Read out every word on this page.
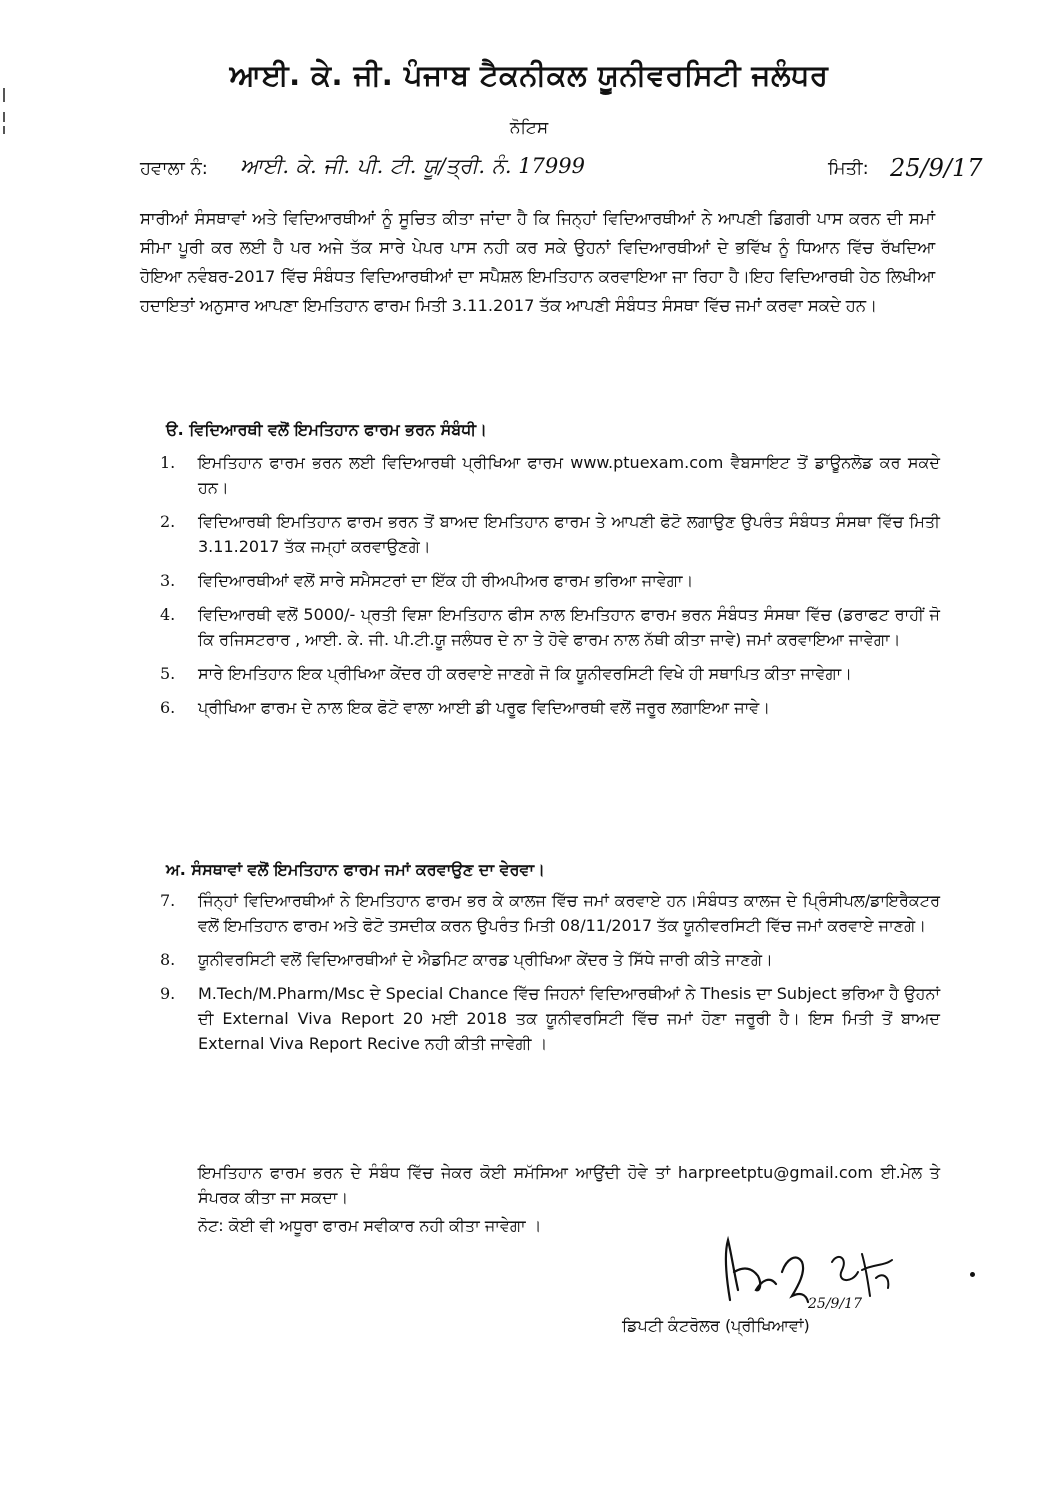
ਆਈ. ਕੇ. ਜੀ. ਪੰਜਾਬ ਟੈਕਨੀਕਲ ਯੂਨੀਵਰਸਿਟੀ ਜਲੰਧਰ
ਨੋਟਿਸ
ਹਵਾਲਾ ਨੰ: ਆਈ. ਕੇ. ਜੀ. ਪੀ. ਟੀ. ਯੂ/ਤ੍ਰੀ. ਨੰ. 17999	ਮਿਤੀ: 25/9/17
ਸਾਰੀਆਂ ਸੰਸਥਾਵਾਂ ਅਤੇ ਵਿਦਿਆਰਥੀਆਂ ਨੂੰ ਸੂਚਿਤ ਕੀਤਾ ਜਾਂਦਾ ਹੈ ਕਿ ਜਿਨ੍ਹਾਂ ਵਿਦਿਆਰਥੀਆਂ ਨੇ ਆਪਣੀ ਡਿਗਰੀ ਪਾਸ ਕਰਨ ਦੀ ਸਮਾਂ ਸੀਮਾ ਪੂਰੀ ਕਰ ਲਈ ਹੈ ਪਰ ਅਜੇ ਤੱਕ ਸਾਰੇ ਪੇਪਰ ਪਾਸ ਨਹੀ ਕਰ ਸਕੇ ਉਹਨਾਂ ਵਿਦਿਆਰਥੀਆਂ ਦੇ ਭਵਿੱਖ ਨੂੰ ਧਿਆਨ ਵਿੱਚ ਰੱਖਦਿਆ ਹੋਇਆ ਨਵੰਬਰ-2017 ਵਿੱਚ ਸੰਬੰਧਤ ਵਿਦਿਆਰਥੀਆਂ ਦਾ ਸਪੈਸ਼ਲ ਇਮਤਿਹਾਨ ਕਰਵਾਇਆ ਜਾ ਰਿਹਾ ਹੈ।ਇਹ ਵਿਦਿਆਰਥੀ ਹੇਠ ਲਿਖੀਆ ਹਦਾਇਤਾਂ ਅਨੁਸਾਰ ਆਪਣਾ ਇਮਤਿਹਾਨ ਫਾਰਮ ਮਿਤੀ 3.11.2017 ਤੱਕ ਆਪਣੀ ਸੰਬੰਧਤ ਸੰਸਥਾ ਵਿੱਚ ਜਮਾਂ ਕਰਵਾ ਸਕਦੇ ਹਨ।
ੳ. ਵਿਦਿਆਰਥੀ ਵਲੋਂ ਇਮਤਿਹਾਨ ਫਾਰਮ ਭਰਨ ਸੰਬੰਧੀ।
1. ਇਮਤਿਹਾਨ ਫਾਰਮ ਭਰਨ ਲਈ ਵਿਦਿਆਰਥੀ ਪ੍ਰੀਖਿਆ ਫਾਰਮ www.ptuexam.com ਵੈਬਸਾਇਟ ਤੋਂ ਡਾਊਨਲੋਡ ਕਰ ਸਕਦੇ ਹਨ।
2. ਵਿਦਿਆਰਥੀ ਇਮਤਿਹਾਨ ਫਾਰਮ ਭਰਨ ਤੋਂ ਬਾਅਦ ਇਮਤਿਹਾਨ ਫਾਰਮ ਤੇ ਆਪਣੀ ਫੋਟੋ ਲਗਾਉਣ ਉਪਰੰਤ ਸੰਬੰਧਤ ਸੰਸਥਾ ਵਿੱਚ ਮਿਤੀ 3.11.2017 ਤੱਕ ਜਮ੍ਹਾਂ ਕਰਵਾਉਣਗੇ।
3. ਵਿਦਿਆਰਥੀਆਂ ਵਲੋਂ ਸਾਰੇ ਸਮੈਸਟਰਾਂ ਦਾ ਇੱਕ ਹੀ ਰੀਅਪੀਅਰ ਫਾਰਮ ਭਰਿਆ ਜਾਵੇਗਾ।
4. ਵਿਦਿਆਰਥੀ ਵਲੋਂ 5000/- ਪ੍ਰਤੀ ਵਿਸ਼ਾ ਇਮਤਿਹਾਨ ਫੀਸ ਨਾਲ ਇਮਤਿਹਾਨ ਫਾਰਮ ਭਰਨ ਸੰਬੰਧਤ ਸੰਸਥਾ ਵਿੱਚ (ਡਰਾਫਟ ਰਾਹੀਂ ਜੋ ਕਿ ਰਜਿਸਟਰਾਰ , ਆਈ. ਕੇ. ਜੀ. ਪੀ.ਟੀ.ਯੂ ਜਲੰਧਰ ਦੇ ਨਾ ਤੇ ਹੋਵੇ ਫਾਰਮ ਨਾਲ ਨੱਥੀ ਕੀਤਾ ਜਾਵੇ) ਜਮਾਂ ਕਰਵਾਇਆ ਜਾਵੇਗਾ।
5. ਸਾਰੇ ਇਮਤਿਹਾਨ ਇਕ ਪ੍ਰੀਖਿਆ ਕੇਂਦਰ ਹੀ ਕਰਵਾਏ ਜਾਣਗੇ ਜੋ ਕਿ ਯੂਨੀਵਰਸਿਟੀ ਵਿਖੇ ਹੀ ਸਥਾਪਿਤ ਕੀਤਾ ਜਾਵੇਗਾ।
6. ਪ੍ਰੀਖਿਆ ਫਾਰਮ ਦੇ ਨਾਲ ਇਕ ਫੋਟੋ ਵਾਲਾ ਆਈ ਡੀ ਪਰੂਫ ਵਿਦਿਆਰਥੀ ਵਲੋਂ ਜਰੂਰ ਲਗਾਇਆ ਜਾਵੇ।
ਅ. ਸੰਸਥਾਵਾਂ ਵਲੋਂ ਇਮਤਿਹਾਨ ਫਾਰਮ ਜਮਾਂ ਕਰਵਾਉਣ ਦਾ ਵੇਰਵਾ।
7. ਜਿੰਨ੍ਹਾਂ ਵਿਦਿਆਰਥੀਆਂ ਨੇ ਇਮਤਿਹਾਨ ਫਾਰਮ ਭਰ ਕੇ ਕਾਲਜ ਵਿੱਚ ਜਮਾਂ ਕਰਵਾਏ ਹਨ।ਸੰਬੰਧਤ ਕਾਲਜ ਦੇ ਪ੍ਰਿੰਸੀਪਲ/ਡਾਇਰੈਕਟਰ ਵਲੋਂ ਇਮਤਿਹਾਨ ਫਾਰਮ ਅਤੇ ਫੋਟੋ ਤਸਦੀਕ ਕਰਨ ਉਪਰੰਤ ਮਿਤੀ 08/11/2017 ਤੱਕ ਯੂਨੀਵਰਸਿਟੀ ਵਿੱਚ ਜਮਾਂ ਕਰਵਾਏ ਜਾਣਗੇ।
8. ਯੂਨੀਵਰਸਿਟੀ ਵਲੋਂ ਵਿਦਿਆਰਥੀਆਂ ਦੇ ਐਡਮਿਟ ਕਾਰਡ ਪ੍ਰੀਖਿਆ ਕੇਂਦਰ ਤੇ ਸਿੱਧੇ ਜਾਰੀ ਕੀਤੇ ਜਾਣਗੇ।
9. M.Tech/M.Pharm/Msc ਦੇ Special Chance ਵਿੱਚ ਜਿਹਨਾਂ ਵਿਦਿਆਰਥੀਆਂ ਨੇ Thesis ਦਾ Subject ਭਰਿਆ ਹੈ ਉਹਨਾਂ ਦੀ External Viva Report 20 ਮਈ 2018 ਤਕ ਯੂਨੀਵਰਸਿਟੀ ਵਿੱਚ ਜਮਾਂ ਹੋਣਾ ਜਰੂਰੀ ਹੈ। ਇਸ ਮਿਤੀ ਤੋਂ ਬਾਅਦ External Viva Report Recive ਨਹੀ ਕੀਤੀ ਜਾਵੇਗੀ ।
ਇਮਤਿਹਾਨ ਫਾਰਮ ਭਰਨ ਦੇ ਸੰਬੰਧ ਵਿੱਚ ਜੇਕਰ ਕੋਈ ਸਮੱਸਿਆ ਆਉਂਦੀ ਹੋਵੇ ਤਾਂ harpreetptu@gmail.com ਈ.ਮੇਲ ਤੇ ਸੰਪਰਕ ਕੀਤਾ ਜਾ ਸਕਦਾ।
ਨੋਟ: ਕੋਈ ਵੀ ਅਧੂਰਾ ਫਾਰਮ ਸਵੀਕਾਰ ਨਹੀ ਕੀਤਾ ਜਾਵੇਗਾ ।
25/9/17
ਡਿਪਟੀ ਕੰਟਰੋਲਰ (ਪ੍ਰੀਖਿਆਵਾਂ)
